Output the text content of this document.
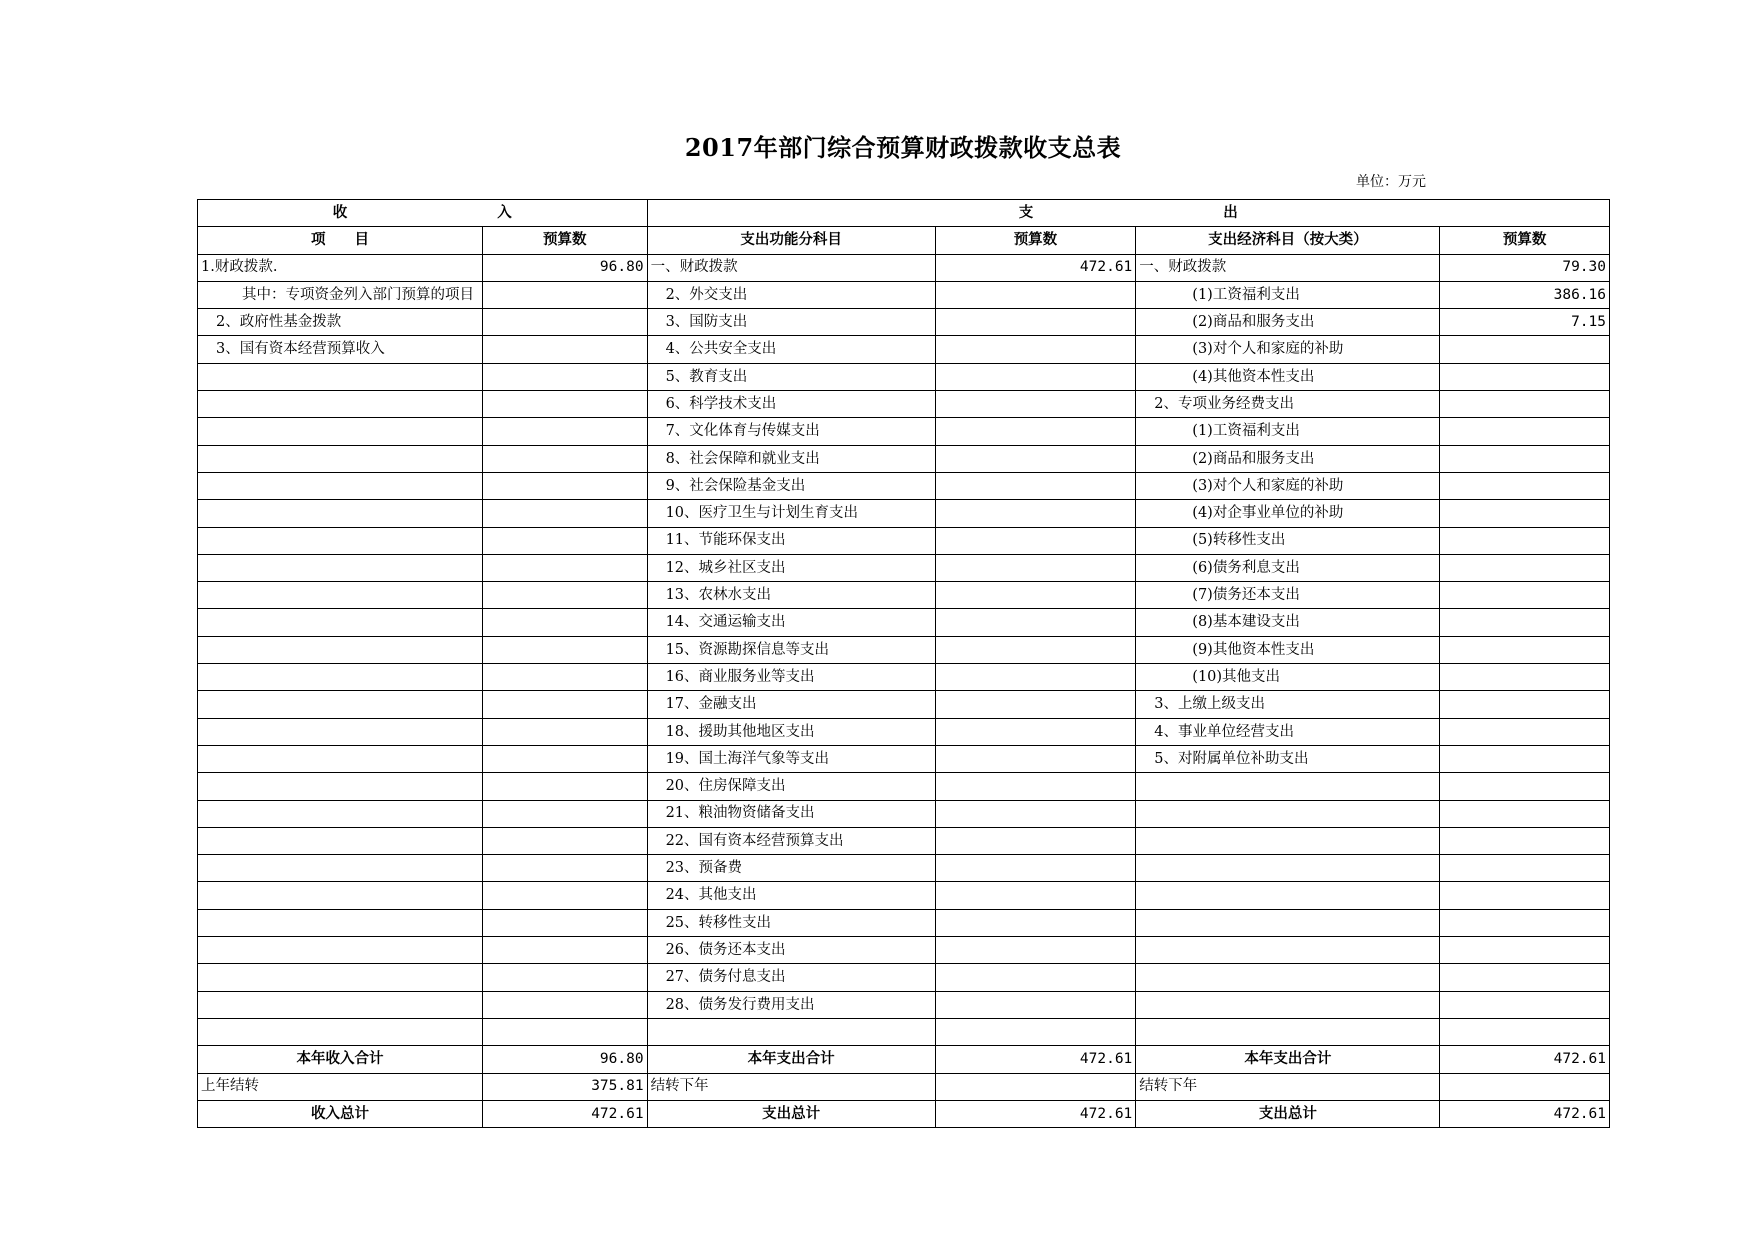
2017年部门综合预算财政拨款收支总表
单位：万元
收 入		支 出			
项　　目	预算数	支出功能分科目	预算数	支出经济科目（按大类）	预算数
1.财政拨款.	96.80	一、财政拨款	472.61	一、财政拨款	79.30
其中：专项资金列入部门预算的项目		2、外交支出		(1)工资福利支出	386.16
2、政府性基金拨款		3、国防支出		(2)商品和服务支出	7.15
3、国有资本经营预算收入		4、公共安全支出		(3)对个人和家庭的补助	
		5、教育支出		(4)其他资本性支出	
		6、科学技术支出		2、专项业务经费支出	
		7、文化体育与传媒支出		(1)工资福利支出	
		8、社会保障和就业支出		(2)商品和服务支出	
		9、社会保险基金支出		(3)对个人和家庭的补助	
		10、医疗卫生与计划生育支出		(4)对企事业单位的补助	
		11、节能环保支出		(5)转移性支出	
		12、城乡社区支出		(6)债务利息支出	
		13、农林水支出		(7)债务还本支出	
		14、交通运输支出		(8)基本建设支出	
		15、资源勘探信息等支出		(9)其他资本性支出	
		16、商业服务业等支出		(10)其他支出	
		17、金融支出		3、上缴上级支出	
		18、援助其他地区支出		4、事业单位经营支出	
		19、国土海洋气象等支出		5、对附属单位补助支出	
		20、住房保障支出			
		21、粮油物资储备支出			
		22、国有资本经营预算支出			
		23、预备费			
		24、其他支出			
		25、转移性支出			
		26、债务还本支出			
		27、债务付息支出			
		28、债务发行费用支出			

本年收入合计	96.80	本年支出合计	472.61	本年支出合计	472.61
上年结转	375.81	结转下年		结转下年	
收入总计	472.61	支出总计	472.61	支出总计	472.61
